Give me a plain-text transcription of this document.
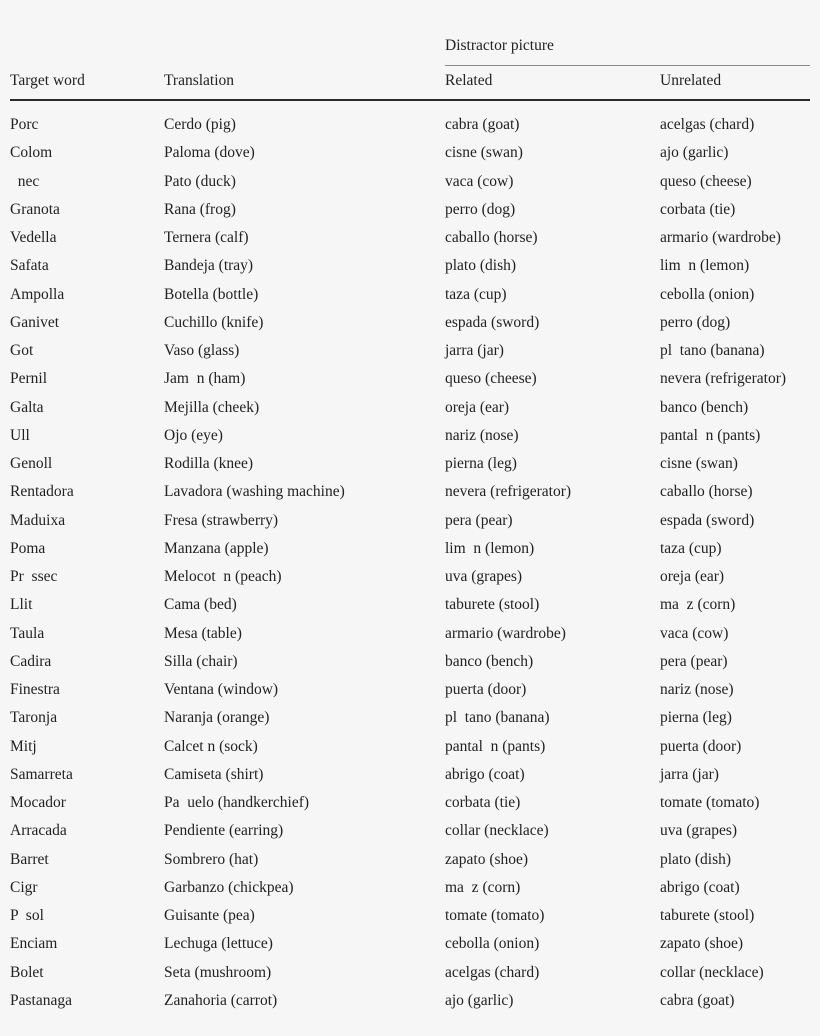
Distractor picture
Target word	Translation	Related	Unrelated
Porc	Cerdo (pig)	cabra (goat)	acelgas (chard)
Colom	Paloma (dove)	cisne (swan)	ajo (garlic)
nec	Pato (duck)	vaca (cow)	queso (cheese)
Granota	Rana (frog)	perro (dog)	corbata (tie)
Vedella	Ternera (calf)	caballo (horse)	armario (wardrobe)
Safata	Bandeja (tray)	plato (dish)	lim  n (lemon)
Ampolla	Botella (bottle)	taza (cup)	cebolla (onion)
Ganivet	Cuchillo (knife)	espada (sword)	perro (dog)
Got	Vaso (glass)	jarra (jar)	pl  tano (banana)
Pernil	Jam  n (ham)	queso (cheese)	nevera (refrigerator)
Galta	Mejilla (cheek)	oreja (ear)	banco (bench)
Ull	Ojo (eye)	nariz (nose)	pantal  n (pants)
Genoll	Rodilla (knee)	pierna (leg)	cisne (swan)
Rentadora	Lavadora (washing machine)	nevera (refrigerator)	caballo (horse)
Maduixa	Fresa (strawberry)	pera (pear)	espada (sword)
Poma	Manzana (apple)	lim  n (lemon)	taza (cup)
Pr  ssec	Melocot  n (peach)	uva (grapes)	oreja (ear)
Llit	Cama (bed)	taburete (stool)	ma  z (corn)
Taula	Mesa (table)	armario (wardrobe)	vaca (cow)
Cadira	Silla (chair)	banco (bench)	pera (pear)
Finestra	Ventana (window)	puerta (door)	nariz (nose)
Taronja	Naranja (orange)	pl  tano (banana)	pierna (leg)
Mitj	Calcet n (sock)	pantal  n (pants)	puerta (door)
Samarreta	Camiseta (shirt)	abrigo (coat)	jarra (jar)
Mocador	Pa  uelo (handkerchief)	corbata (tie)	tomate (tomato)
Arracada	Pendiente (earring)	collar (necklace)	uva (grapes)
Barret	Sombrero (hat)	zapato (shoe)	plato (dish)
Cigr	Garbanzo (chickpea)	ma  z (corn)	abrigo (coat)
P  sol	Guisante (pea)	tomate (tomato)	taburete (stool)
Enciam	Lechuga (lettuce)	cebolla (onion)	zapato (shoe)
Bolet	Seta (mushroom)	acelgas (chard)	collar (necklace)
Pastanaga	Zanahoria (carrot)	ajo (garlic)	cabra (goat)
